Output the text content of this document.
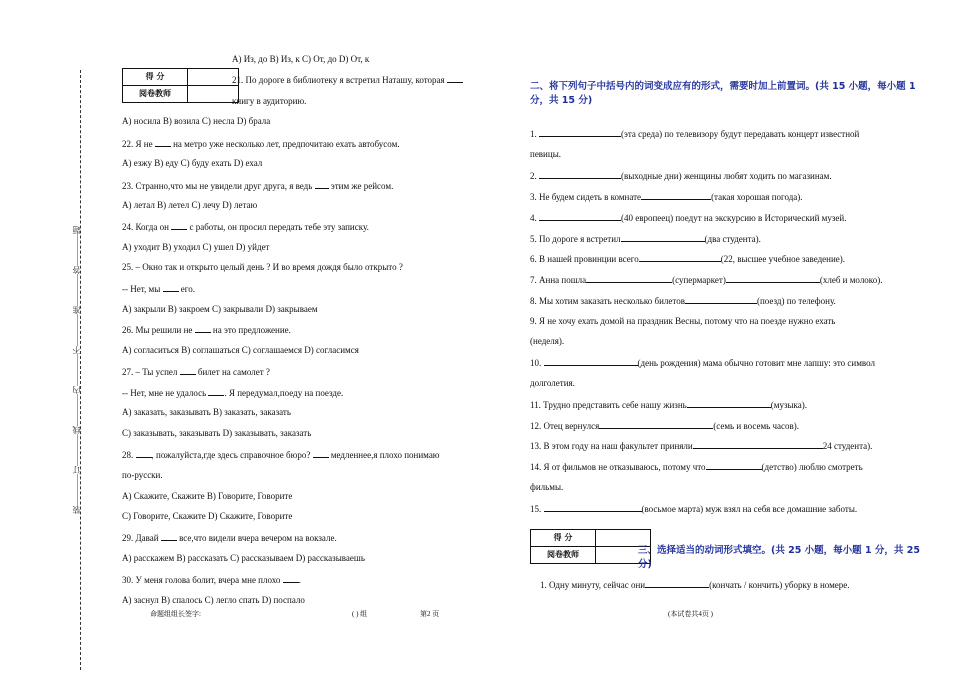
装————订————线————内————不————准————答————题
得 分	
阅卷教师	
A) Из, до B) Из, к C) От, до D) От, к
21. По дороге в библиотеку я встретил Наташу, которая
книгу в аудиторию.
A) носила B) возила C) несла D) брала
22. Я не на метро уже несколько лет, предпочитаю ехать автобусом.
A) езжу B) еду C) буду ехать D) ехал
23. Странно,что мы не увидели друг друга, я ведь этим же рейсом.
A) летал B) летел C) лечу D) летаю
24. Когда он с работы, он просил передать тебе эту записку.
A) уходит B) уходил C) ушел D) уйдет
25. – Окно так и открыто целый день ? И во время дождя было открыто ?
-- Нет, мы его.
A) закрыли B) закроем C) закрывали D) закрываем
26. Мы решили не на это предложение.
A) согласиться B) соглашаться C) соглашаемся D) согласимся
27. – Ты успел билет на самолет ?
-- Нет, мне не удалось . Я передумал,поеду на поезде.
A) заказать, заказывать B) заказать, заказать
C) заказывать, заказывать D) заказывать, заказать
28. , пожалуйста,где здесь справочное бюро? медленнее,я плохо понимаю
по-русски.
A) Скажите, Скажите B) Говорите, Говорите
C) Говорите, Скажите D) Скажите, Говорите
29. Давай все,что видели вчера вечером на вокзале.
A) расскажем B) рассказать C) рассказываем D) рассказываешь
30. У меня голова болит, вчера мне плохо .
A) заснул B) спалось C) легло спать D) поспало
二、将下列句子中括号内的词变成应有的形式，需要时加上前置词。(共 15 小题，每小题 1 分，共 15 分)
1.	(эта среда) по телевизору будут передавать концерт известной
певицы.
2.	(выходные дни) женщины любят ходить по магазинам.
3. Не будем сидеть в комнате	(такая хорошая погода).
4.	(40 европеец) поедут на экскурсию в Исторический музей.
5. По дороге я встретил	(два студента).
6. В нашей провинции всего	(22, высшее учебное заведение).
7. Анна пошла	(супермаркет)	(хлеб и молоко).
8. Мы хотим заказать несколько билетов	(поезд) по телефону.
9. Я не хочу ехать домой на праздник Весны, потому что на поезде нужно ехать
(неделя).
10.	(день рождения) мама обычно готовит мне лапшу: это символ
долголетия.
11. Трудно представить себе нашу жизнь	(музыка).
12. Отец вернулся	(семь и восемь часов).
13. В этом году на наш факультет приняли	24 студента).
14. Я от фильмов не отказываюсь, потому что	(детство) люблю смотреть
фильмы.
15.	(восьмое марта) муж взял на себя все домашние заботы.
得 分	
阅卷教师		三、选择适当的动词形式填空。(共 25 小题，每小题 1 分，共 25 分)
1. Одну минуту, сейчас они	(кончать / кончить) уборку в номере.
命题组组长签字:	( ) 组	第2 页	(本试卷共4页 )
